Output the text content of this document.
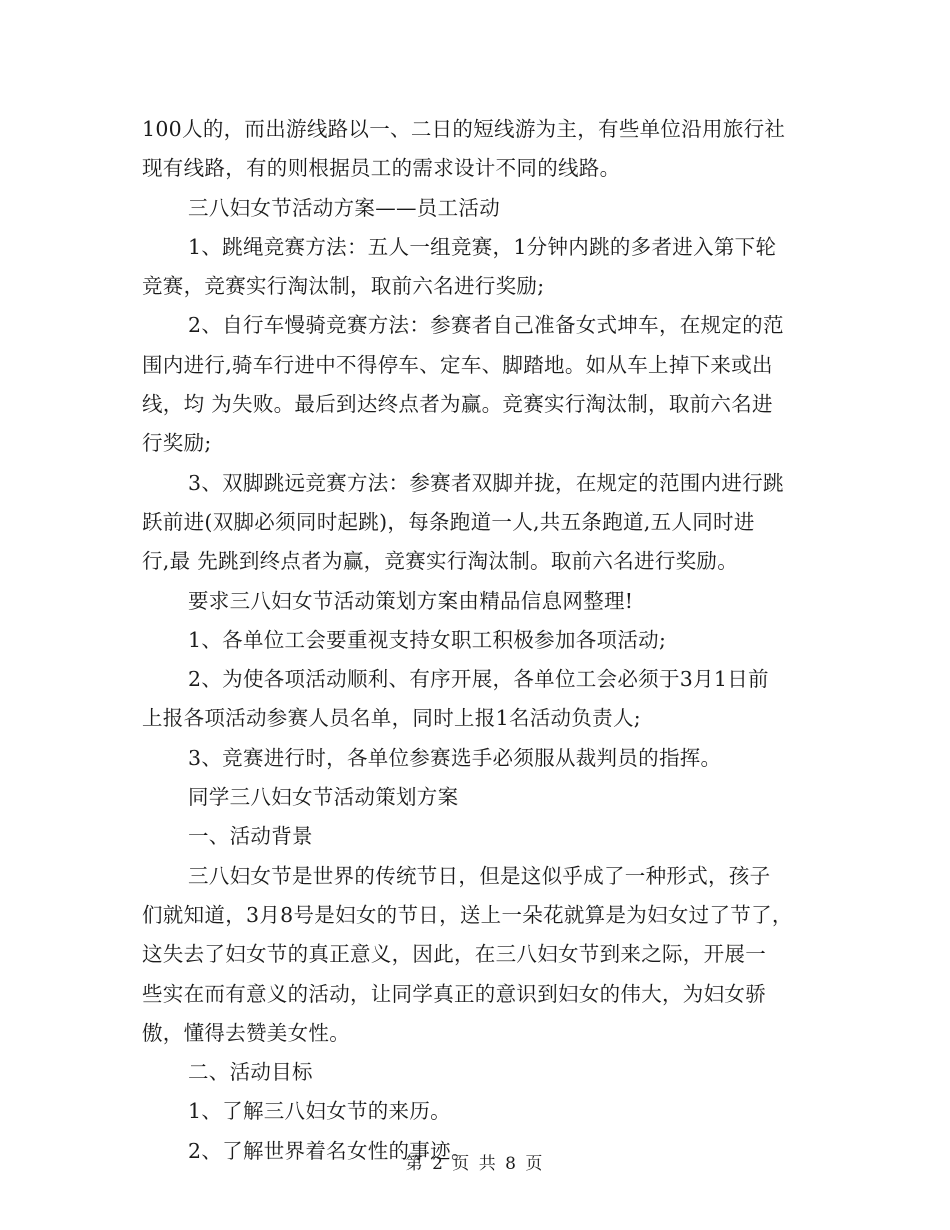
100人的，而出游线路以一、二日的短线游为主，有些单位沿用旅行社
现有线路，有的则根据员工的需求设计不同的线路。
三八妇女节活动方案——员工活动
1、跳绳竞赛方法：五人一组竞赛，1分钟内跳的多者进入第下轮
竞赛，竞赛实行淘汰制，取前六名进行奖励;
2、自行车慢骑竞赛方法：参赛者自己准备女式坤车，在规定的范
围内进行,骑车行进中不得停车、定车、脚踏地。如从车上掉下来或出
线，均 为失败。最后到达终点者为赢。竞赛实行淘汰制，取前六名进
行奖励;
3、双脚跳远竞赛方法：参赛者双脚并拢，在规定的范围内进行跳
跃前进(双脚必须同时起跳)，每条跑道一人,共五条跑道,五人同时进
行,最 先跳到终点者为赢，竞赛实行淘汰制。取前六名进行奖励。
要求三八妇女节活动策划方案由精品信息网整理!
1、各单位工会要重视支持女职工积极参加各项活动;
2、为使各项活动顺利、有序开展，各单位工会必须于3月1日前
上报各项活动参赛人员名单，同时上报1名活动负责人;
3、竞赛进行时，各单位参赛选手必须服从裁判员的指挥。
同学三八妇女节活动策划方案
一、活动背景
三八妇女节是世界的传统节日，但是这似乎成了一种形式，孩子
们就知道，3月8号是妇女的节日，送上一朵花就算是为妇女过了节了，
这失去了妇女节的真正意义，因此，在三八妇女节到来之际，开展一
些实在而有意义的活动，让同学真正的意识到妇女的伟大，为妇女骄
傲，懂得去赞美女性。
二、活动目标
1、了解三八妇女节的来历。
2、了解世界着名女性的事迹。
第 2 页 共 8 页
